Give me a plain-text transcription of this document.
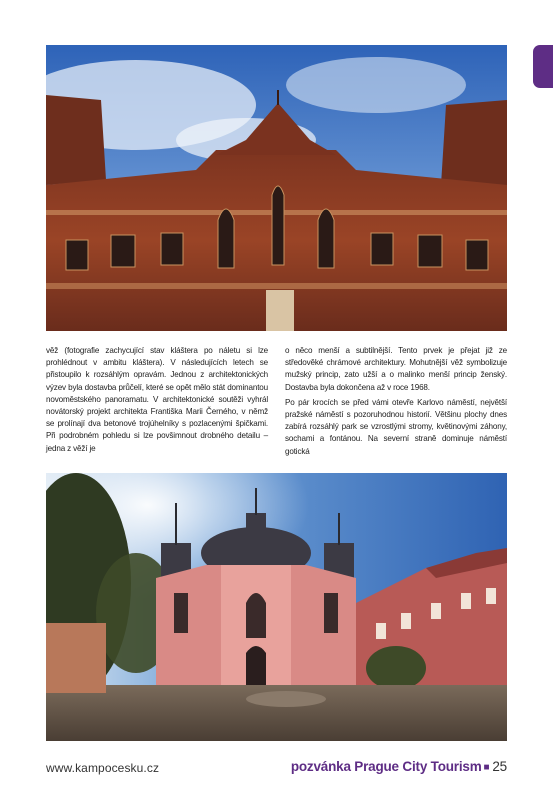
věž (fotografie zachycující stav kláštera po náletu si lze prohlédnout v ambitu kláštera). V následujících letech se přistoupilo k rozsáhlým opravám. Jednou z architektonických výzev byla dostavba průčelí, které se opět mělo stát dominantou novoměstského panoramatu. V architektonické soutěži vyhrál novátorský projekt architekta Františka Marii Černého, v němž se prolínají dva betonové trojúhelníky s pozlacenými špičkami. Při podrobném pohledu si lze povšimnout drobného detailu – jedna z věží je

o něco menší a subtilnější. Tento prvek je přejat již ze středověké chrámové architektury. Mohutnější věž symbolizuje mužský princip, zato užší a o malinko menší princip ženský. Dostavba byla dokončena až v roce 1968.

Po pár krocích se před vámi otevře Karlovo náměstí, největší pražské náměstí s pozoruhodnou historií. Většinu plochy dnes zabírá rozsáhlý park se vzrostlými stromy, květinovými záhony, sochami a fontánou. Na severní straně dominuje náměstí gotická

www.kampocesku.cz	pozvánka Prague City Tourism ■ 25
